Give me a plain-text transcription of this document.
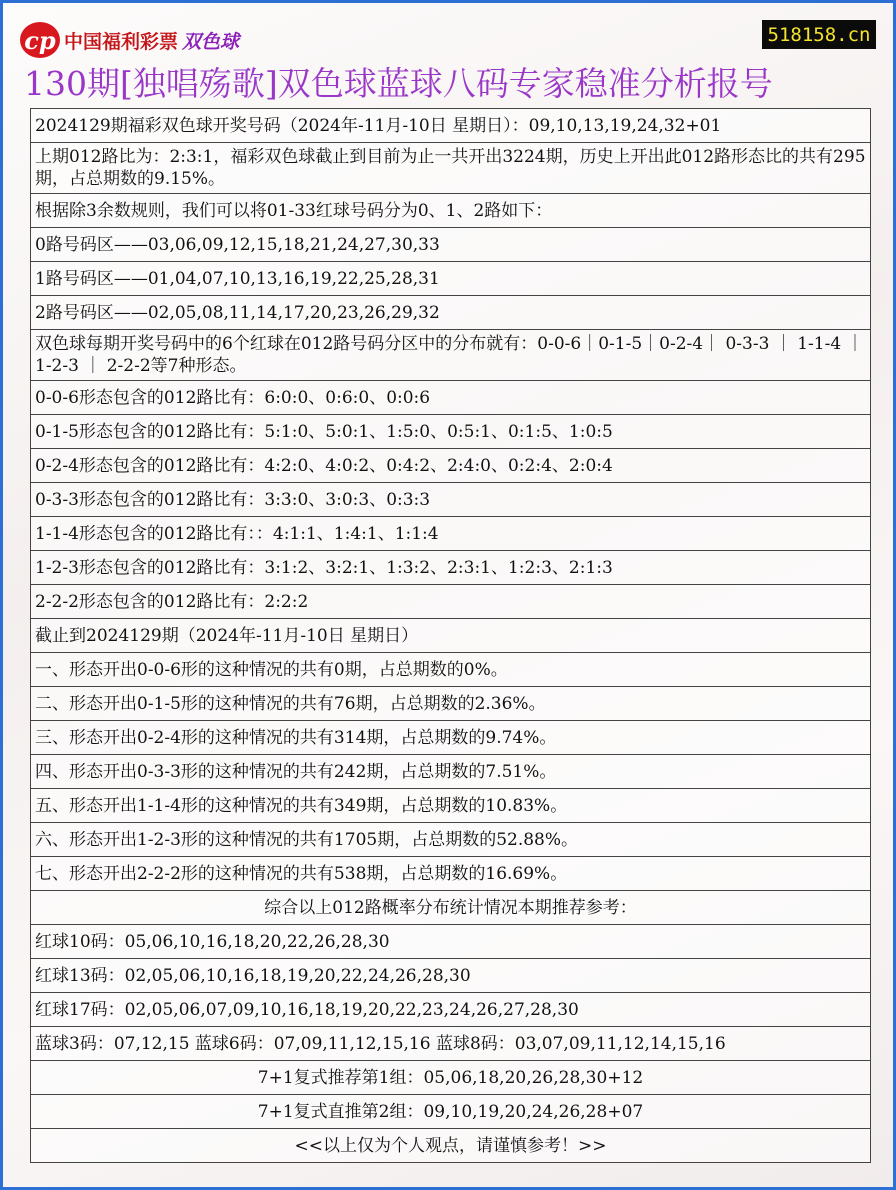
cp 中国福利彩票 双色球	518158.cn
130期[独唱殇歌]双色球蓝球八码专家稳准分析报号
2024129期福彩双色球开奖号码（2024年-11月-10日 星期日）：09,10,13,19,24,32+01
上期012路比为：2:3:1，福彩双色球截止到目前为止一共开出3224期，历史上开出此012路形态比的共有295期，占总期数的9.15%。
根据除3余数规则，我们可以将01-33红球号码分为0、1、2路如下：
0路号码区——03,06,09,12,15,18,21,24,27,30,33
1路号码区——01,04,07,10,13,16,19,22,25,28,31
2路号码区——02,05,08,11,14,17,20,23,26,29,32
双色球每期开奖号码中的6个红球在012路号码分区中的分布就有：0-0-6｜0-1-5｜0-2-4｜ 0-3-3 ｜ 1-1-4 ｜ 1-2-3 ｜ 2-2-2等7种形态。
0-0-6形态包含的012路比有：6:0:0、0:6:0、0:0:6
0-1-5形态包含的012路比有：5:1:0、5:0:1、1:5:0、0:5:1、0:1:5、1:0:5
0-2-4形态包含的012路比有：4:2:0、4:0:2、0:4:2、2:4:0、0:2:4、2:0:4
0-3-3形态包含的012路比有：3:3:0、3:0:3、0:3:3
1-1-4形态包含的012路比有：：4:1:1、1:4:1、1:1:4
1-2-3形态包含的012路比有：3:1:2、3:2:1、1:3:2、2:3:1、1:2:3、2:1:3
2-2-2形态包含的012路比有：2:2:2
截止到2024129期（2024年-11月-10日 星期日）
一、形态开出0-0-6形的这种情况的共有0期，占总期数的0%。
二、形态开出0-1-5形的这种情况的共有76期，占总期数的2.36%。
三、形态开出0-2-4形的这种情况的共有314期，占总期数的9.74%。
四、形态开出0-3-3形的这种情况的共有242期，占总期数的7.51%。
五、形态开出1-1-4形的这种情况的共有349期，占总期数的10.83%。
六、形态开出1-2-3形的这种情况的共有1705期，占总期数的52.88%。
七、形态开出2-2-2形的这种情况的共有538期，占总期数的16.69%。
综合以上012路概率分布统计情况本期推荐参考：
红球10码：05,06,10,16,18,20,22,26,28,30
红球13码：02,05,06,10,16,18,19,20,22,24,26,28,30
红球17码：02,05,06,07,09,10,16,18,19,20,22,23,24,26,27,28,30
蓝球3码：07,12,15 蓝球6码：07,09,11,12,15,16 蓝球8码：03,07,09,11,12,14,15,16
7+1复式推荐第1组：05,06,18,20,26,28,30+12
7+1复式直推第2组：09,10,19,20,24,26,28+07
<<以上仅为个人观点，请谨慎参考！>>
